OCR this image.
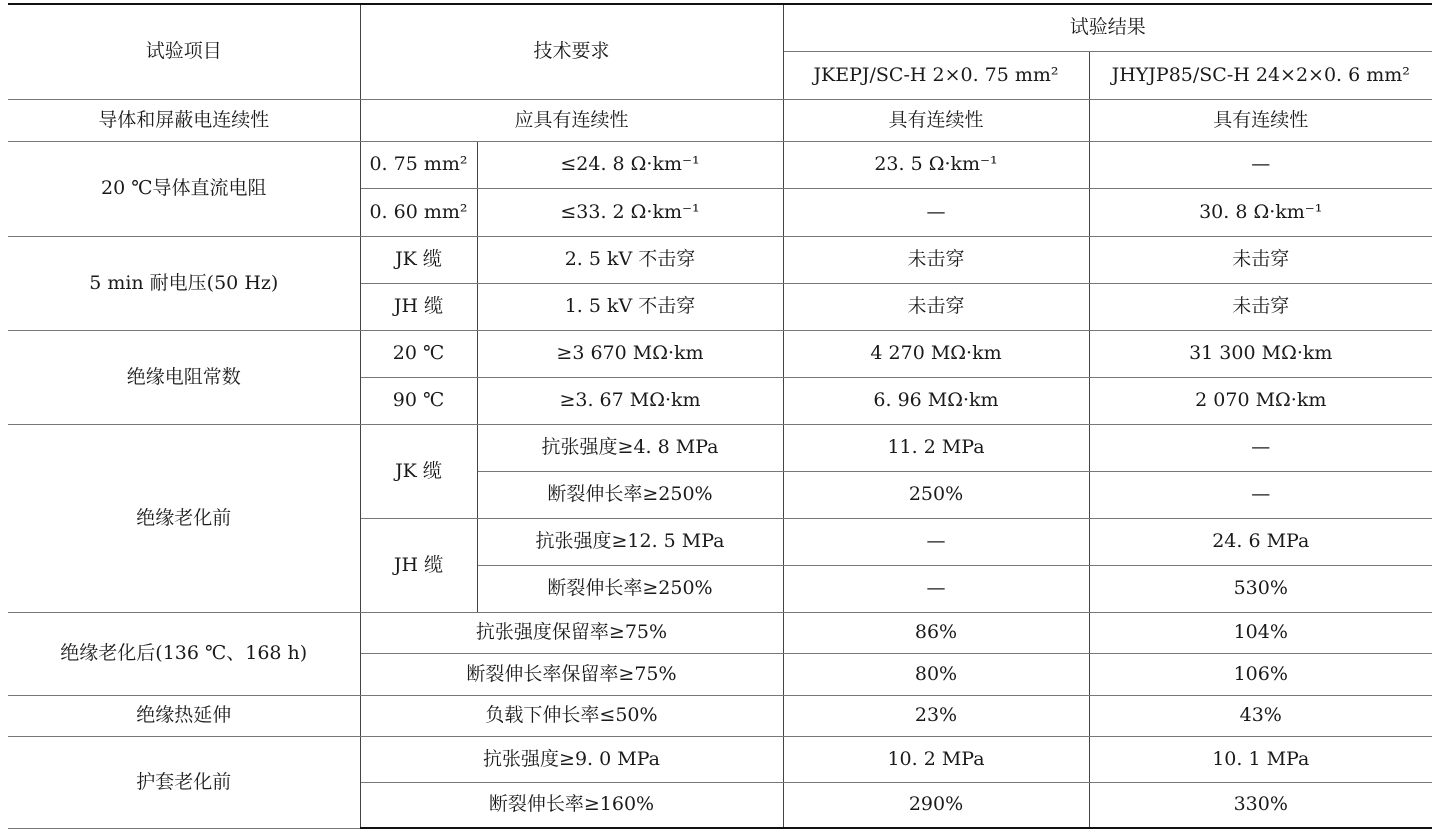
试验项目	技术要求		试验结果	
			JKEPJ/SC-H 2×0. 75 mm²	JHYJP85/SC-H 24×2×0. 6 mm²
导体和屏蔽电连续性	应具有连续性		具有连续性	具有连续性
20 ℃导体直流电阻	0. 75 mm²	≤24. 8 Ω·km⁻¹	23. 5 Ω·km⁻¹	—
	0. 60 mm²	≤33. 2 Ω·km⁻¹	—	30. 8 Ω·km⁻¹
5 min 耐电压(50 Hz)	JK 缆	2. 5 kV 不击穿	未击穿	未击穿
	JH 缆	1. 5 kV 不击穿	未击穿	未击穿
绝缘电阻常数	20 ℃	≥3 670 MΩ·km	4 270 MΩ·km	31 300 MΩ·km
	90 ℃	≥3. 67 MΩ·km	6. 96 MΩ·km	2 070 MΩ·km
绝缘老化前	JK 缆	抗张强度≥4. 8 MPa	11. 2 MPa	—
		断裂伸长率≥250%	250%	—
	JH 缆	抗张强度≥12. 5 MPa	—	24. 6 MPa
		断裂伸长率≥250%	—	530%
绝缘老化后(136 ℃、168 h)	抗张强度保留率≥75%		86%	104%
	断裂伸长率保留率≥75%		80%	106%
绝缘热延伸	负载下伸长率≤50%		23%	43%
护套老化前	抗张强度≥9. 0 MPa		10. 2 MPa	10. 1 MPa
	断裂伸长率≥160%		290%	330%
